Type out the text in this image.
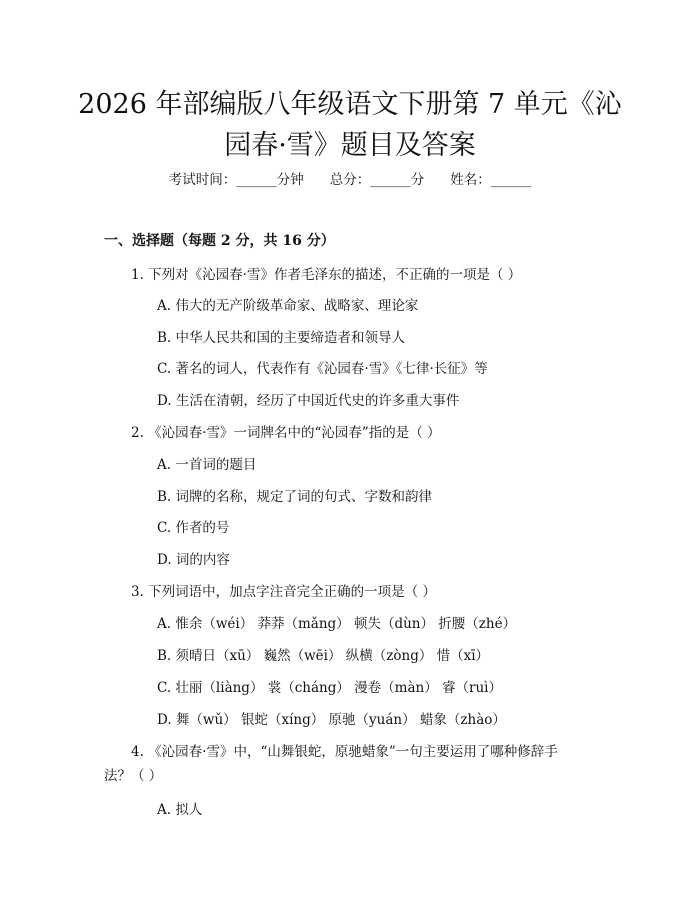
2026 年部编版八年级语文下册第 7 单元《沁
园春·雪》题目及答案
考试时间：______分钟 总分：______分 姓名：______
一、选择题（每题 2 分，共 16 分）
1. 下列对《沁园春·雪》作者毛泽东的描述，不正确的一项是（ ）
A. 伟大的无产阶级革命家、战略家、理论家
B. 中华人民共和国的主要缔造者和领导人
C. 著名的词人，代表作有《沁园春·雪》《七律·长征》等
D. 生活在清朝，经历了中国近代史的许多重大事件
2. 《沁园春·雪》一词牌名中的“沁园春”指的是（ ）
A. 一首词的题目
B. 词牌的名称，规定了词的句式、字数和韵律
C. 作者的号
D. 词的内容
3. 下列词语中，加点字注音完全正确的一项是（ ）
A. 惟余（wéi） 莽莽（mǎng） 顿失（dùn） 折腰（zhé）
B. 须晴日（xū） 巍然（wēi） 纵横（zòng） 惜（xī）
C. 壮丽（liàng） 裳（cháng） 漫卷（màn） 睿（ruì）
D. 舞（wǔ） 银蛇（xíng） 原驰（yuán） 蜡象（zhào）
4. 《沁园春·雪》中，“山舞银蛇，原驰蜡象”一句主要运用了哪种修辞手
法？（ ）
A. 拟人
